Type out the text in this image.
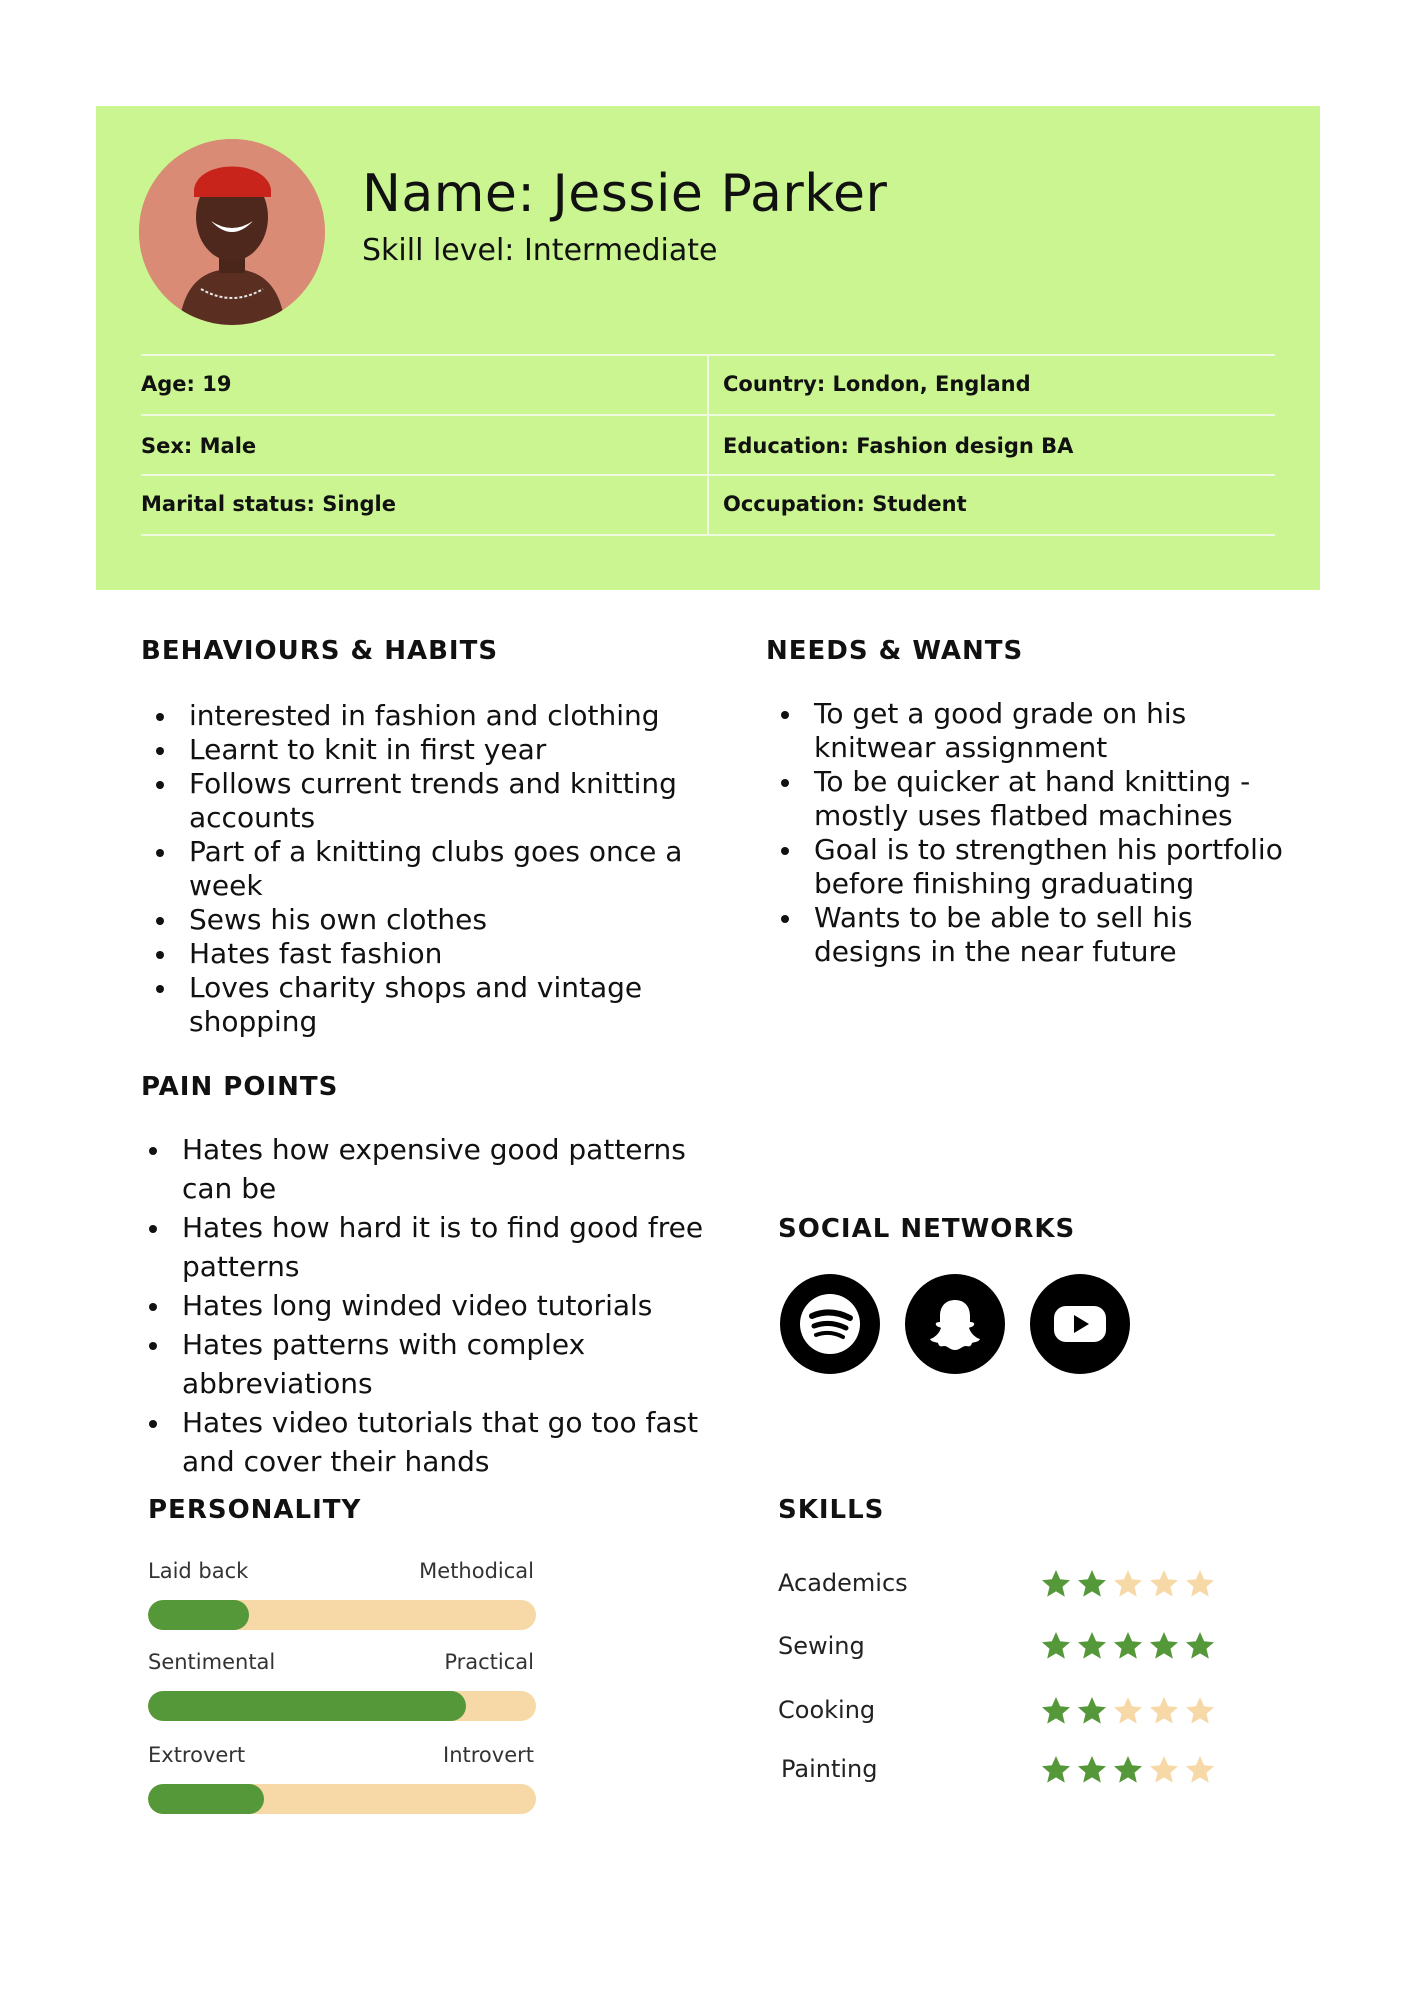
Name: Jessie Parker
Skill level: Intermediate
Age: 19	Country: London, England
Sex: Male	Education: Fashion design BA
Marital status: Single	Occupation: Student
BEHAVIOURS & HABITS
interested in fashion and clothing
Learnt to knit in first year
Follows current trends and knitting accounts
Part of a knitting clubs goes once a week
Sews his own clothes
Hates fast fashion
Loves charity shops and vintage shopping
NEEDS & WANTS
To get a good grade on his knitwear assignment
To be quicker at hand knitting - mostly uses flatbed machines
Goal is to strengthen his portfolio before finishing graduating
Wants to be able to sell his designs in the near future
PAIN POINTS
Hates how expensive good patterns can be
Hates how hard it is to find good free patterns
Hates long winded video tutorials
Hates patterns with complex abbreviations
Hates video tutorials that go too fast and cover their hands
SOCIAL NETWORKS
PERSONALITY
Laid back	Methodical
Sentimental	Practical
Extrovert	Introvert
SKILLS
Academics
Sewing
Cooking
Painting
